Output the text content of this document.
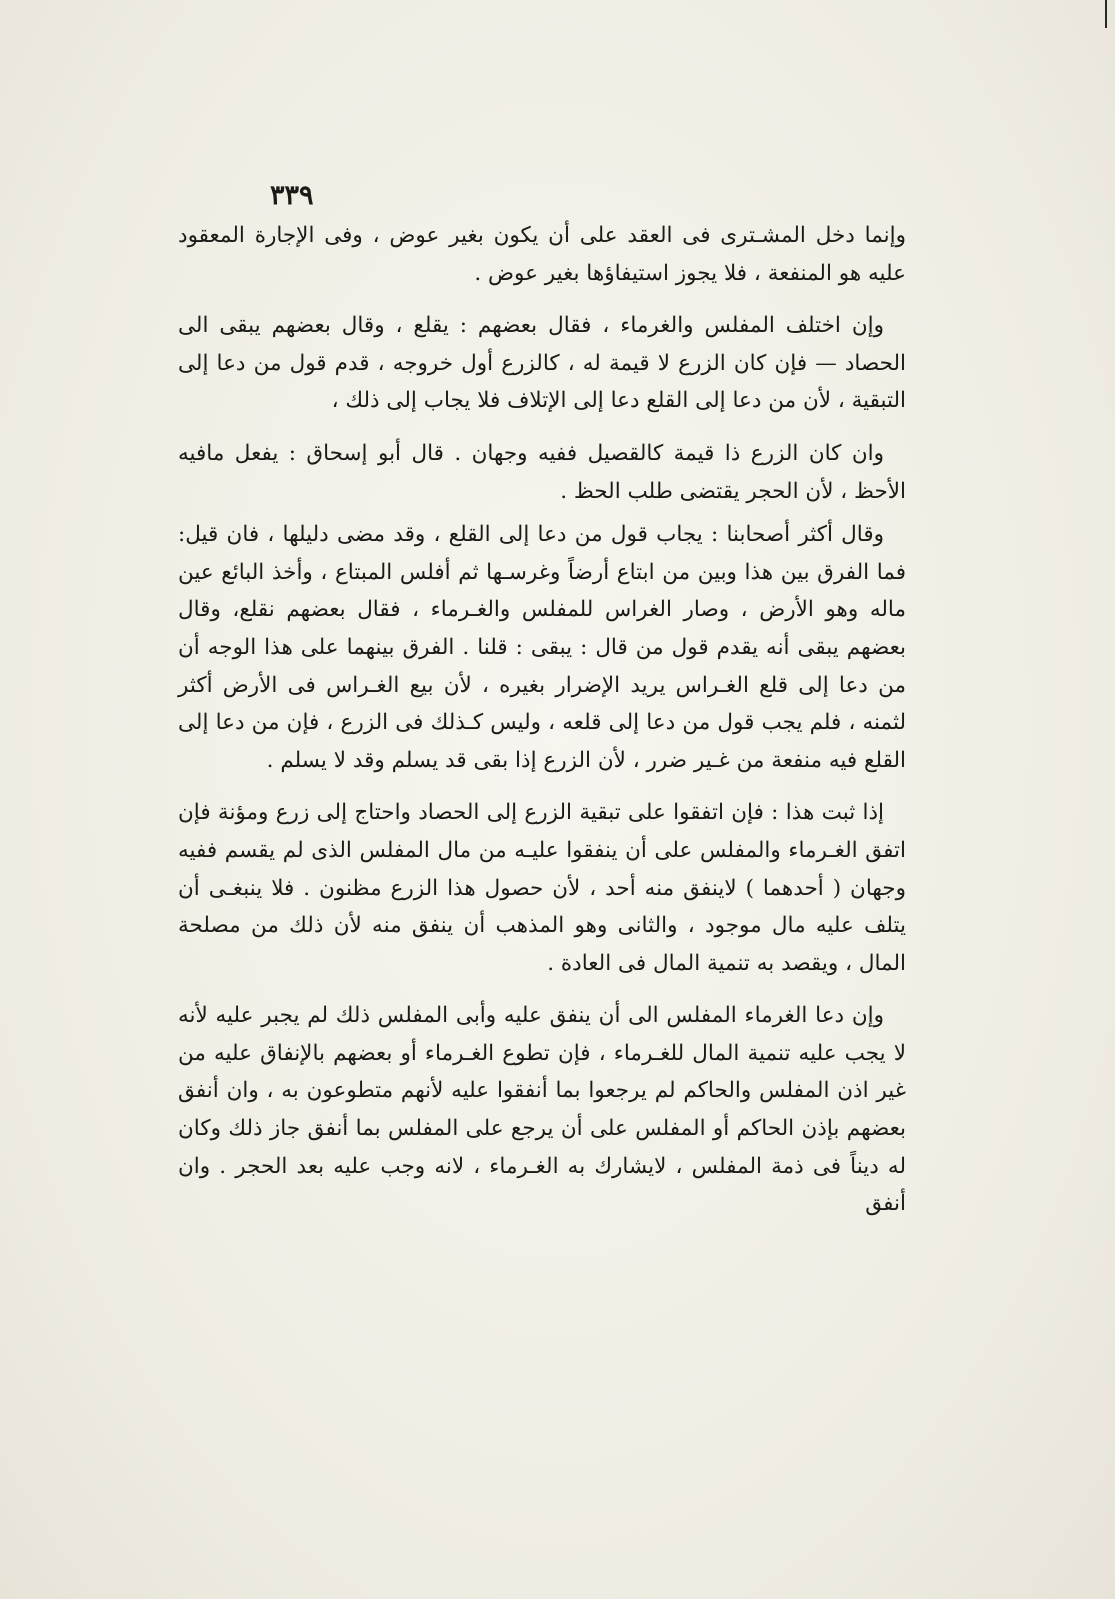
٣٣٩

وإنما دخل المشـترى فى العقد على أن يكون بغير عوض ، وفى الإجارة المعقود عليه هو المنفعة ، فلا يجوز استيفاؤها بغير عوض .

وإن اختلف المفلس والغرماء ، فقال بعضهم : يقلع ، وقال بعضهم يبقى الى الحصاد — فإن كان الزرع لا قيمة له ، كالزرع أول خروجه ، قدم قول من دعا إلى التبقية ، لأن من دعا إلى القلع دعا إلى الإتلاف فلا يجاب إلى ذلك ،

وان كان الزرع ذا قيمة كالقصيل ففيه وجهان . قال أبو إسحاق : يفعل مافيه الأحظ ، لأن الحجر يقتضى طلب الحظ .

وقال أكثر أصحابنا : يجاب قول من دعا إلى القلع ، وقد مضى دليلها ، فان قيل: فما الفرق بين هذا وبين من ابتاع أرضاً وغرسـها ثم أفلس المبتاع ، وأخذ البائع عين ماله وهو الأرض ، وصار الغراس للمفلس والغـرماء ، فقال بعضهم نقلع، وقال بعضهم يبقى أنه يقدم قول من قال : يبقى : قلنا . الفرق بينهما على هذا الوجه أن من دعا إلى قلع الغـراس يريد الإضرار بغيره ، لأن بيع الغـراس فى الأرض أكثر لثمنه ، فلم يجب قول من دعا إلى قلعه ، وليس كـذلك فى الزرع ، فإن من دعا إلى القلع فيه منفعة من غـير ضرر ، لأن الزرع إذا بقى قد يسلم وقد لا يسلم .

إذا ثبت هذا : فإن اتفقوا على تبقية الزرع إلى الحصاد واحتاج إلى زرع ومؤنة فإن اتفق الغـرماء والمفلس على أن ينفقوا عليـه من مال المفلس الذى لم يقسم ففيه وجهان ( أحدهما ) لاينفق منه أحد ، لأن حصول هذا الزرع مظنون . فلا ينبغـى أن يتلف عليه مال موجود ، والثانى وهو المذهب أن ينفق منه لأن ذلك من مصلحة المال ، ويقصد به تنمية المال فى العادة .

وإن دعا الغرماء المفلس الى أن ينفق عليه وأبى المفلس ذلك لم يجبر عليه لأنه لا يجب عليه تنمية المال للغـرماء ، فإن تطوع الغـرماء أو بعضهم بالإنفاق عليه من غير اذن المفلس والحاكم لم يرجعوا بما أنفقوا عليه لأنهم متطوعون به ، وان أنفق بعضهم بإذن الحاكم أو المفلس على أن يرجع على المفلس بما أنفق جاز ذلك وكان له ديناً فى ذمة المفلس ، لايشارك به الغـرماء ، لانه وجب عليه بعد الحجر . وان أنفق
